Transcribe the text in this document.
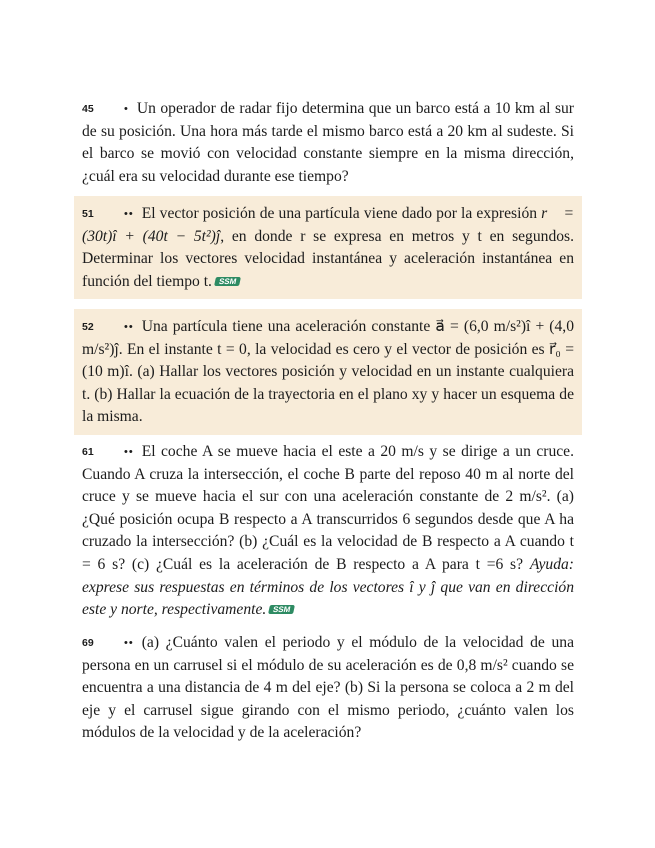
45	• Un operador de radar fijo determina que un barco está a 10 km al sur de su posición. Una hora más tarde el mismo barco está a 20 km al sudeste. Si el barco se movió con velocidad constante siempre en la misma dirección, ¿cuál era su velocidad durante ese tiempo?
51	•• El vector posición de una partícula viene dado por la expresión r⃗ = (30t)î + (40t − 5t²)ĵ, en donde r se expresa en metros y t en segundos. Determinar los vectores velocidad instantánea y aceleración instantánea en función del tiempo t. SSM
52	•• Una partícula tiene una aceleración constante a⃗ = (6,0 m/s²)î + (4,0 m/s²)ĵ. En el instante t = 0, la velocidad es cero y el vector de posición es r⃗₀ = (10 m)î. (a) Hallar los vectores posición y velocidad en un instante cualquiera t. (b) Hallar la ecuación de la trayectoria en el plano xy y hacer un esquema de la misma.
61	•• El coche A se mueve hacia el este a 20 m/s y se dirige a un cruce. Cuando A cruza la intersección, el coche B parte del reposo 40 m al norte del cruce y se mueve hacia el sur con una aceleración constante de 2 m/s². (a) ¿Qué posición ocupa B respecto a A transcurridos 6 segundos desde que A ha cruzado la intersección? (b) ¿Cuál es la velocidad de B respecto a A cuando t = 6 s? (c) ¿Cuál es la aceleración de B respecto a A para t =6 s? Ayuda: exprese sus respuestas en términos de los vectores î y ĵ que van en dirección este y norte, respectivamente. SSM
69	•• (a) ¿Cuánto valen el periodo y el módulo de la velocidad de una persona en un carrusel si el módulo de su aceleración es de 0,8 m/s² cuando se encuentra a una distancia de 4 m del eje? (b) Si la persona se coloca a 2 m del eje y el carrusel sigue girando con el mismo periodo, ¿cuánto valen los módulos de la velocidad y de la aceleración?
